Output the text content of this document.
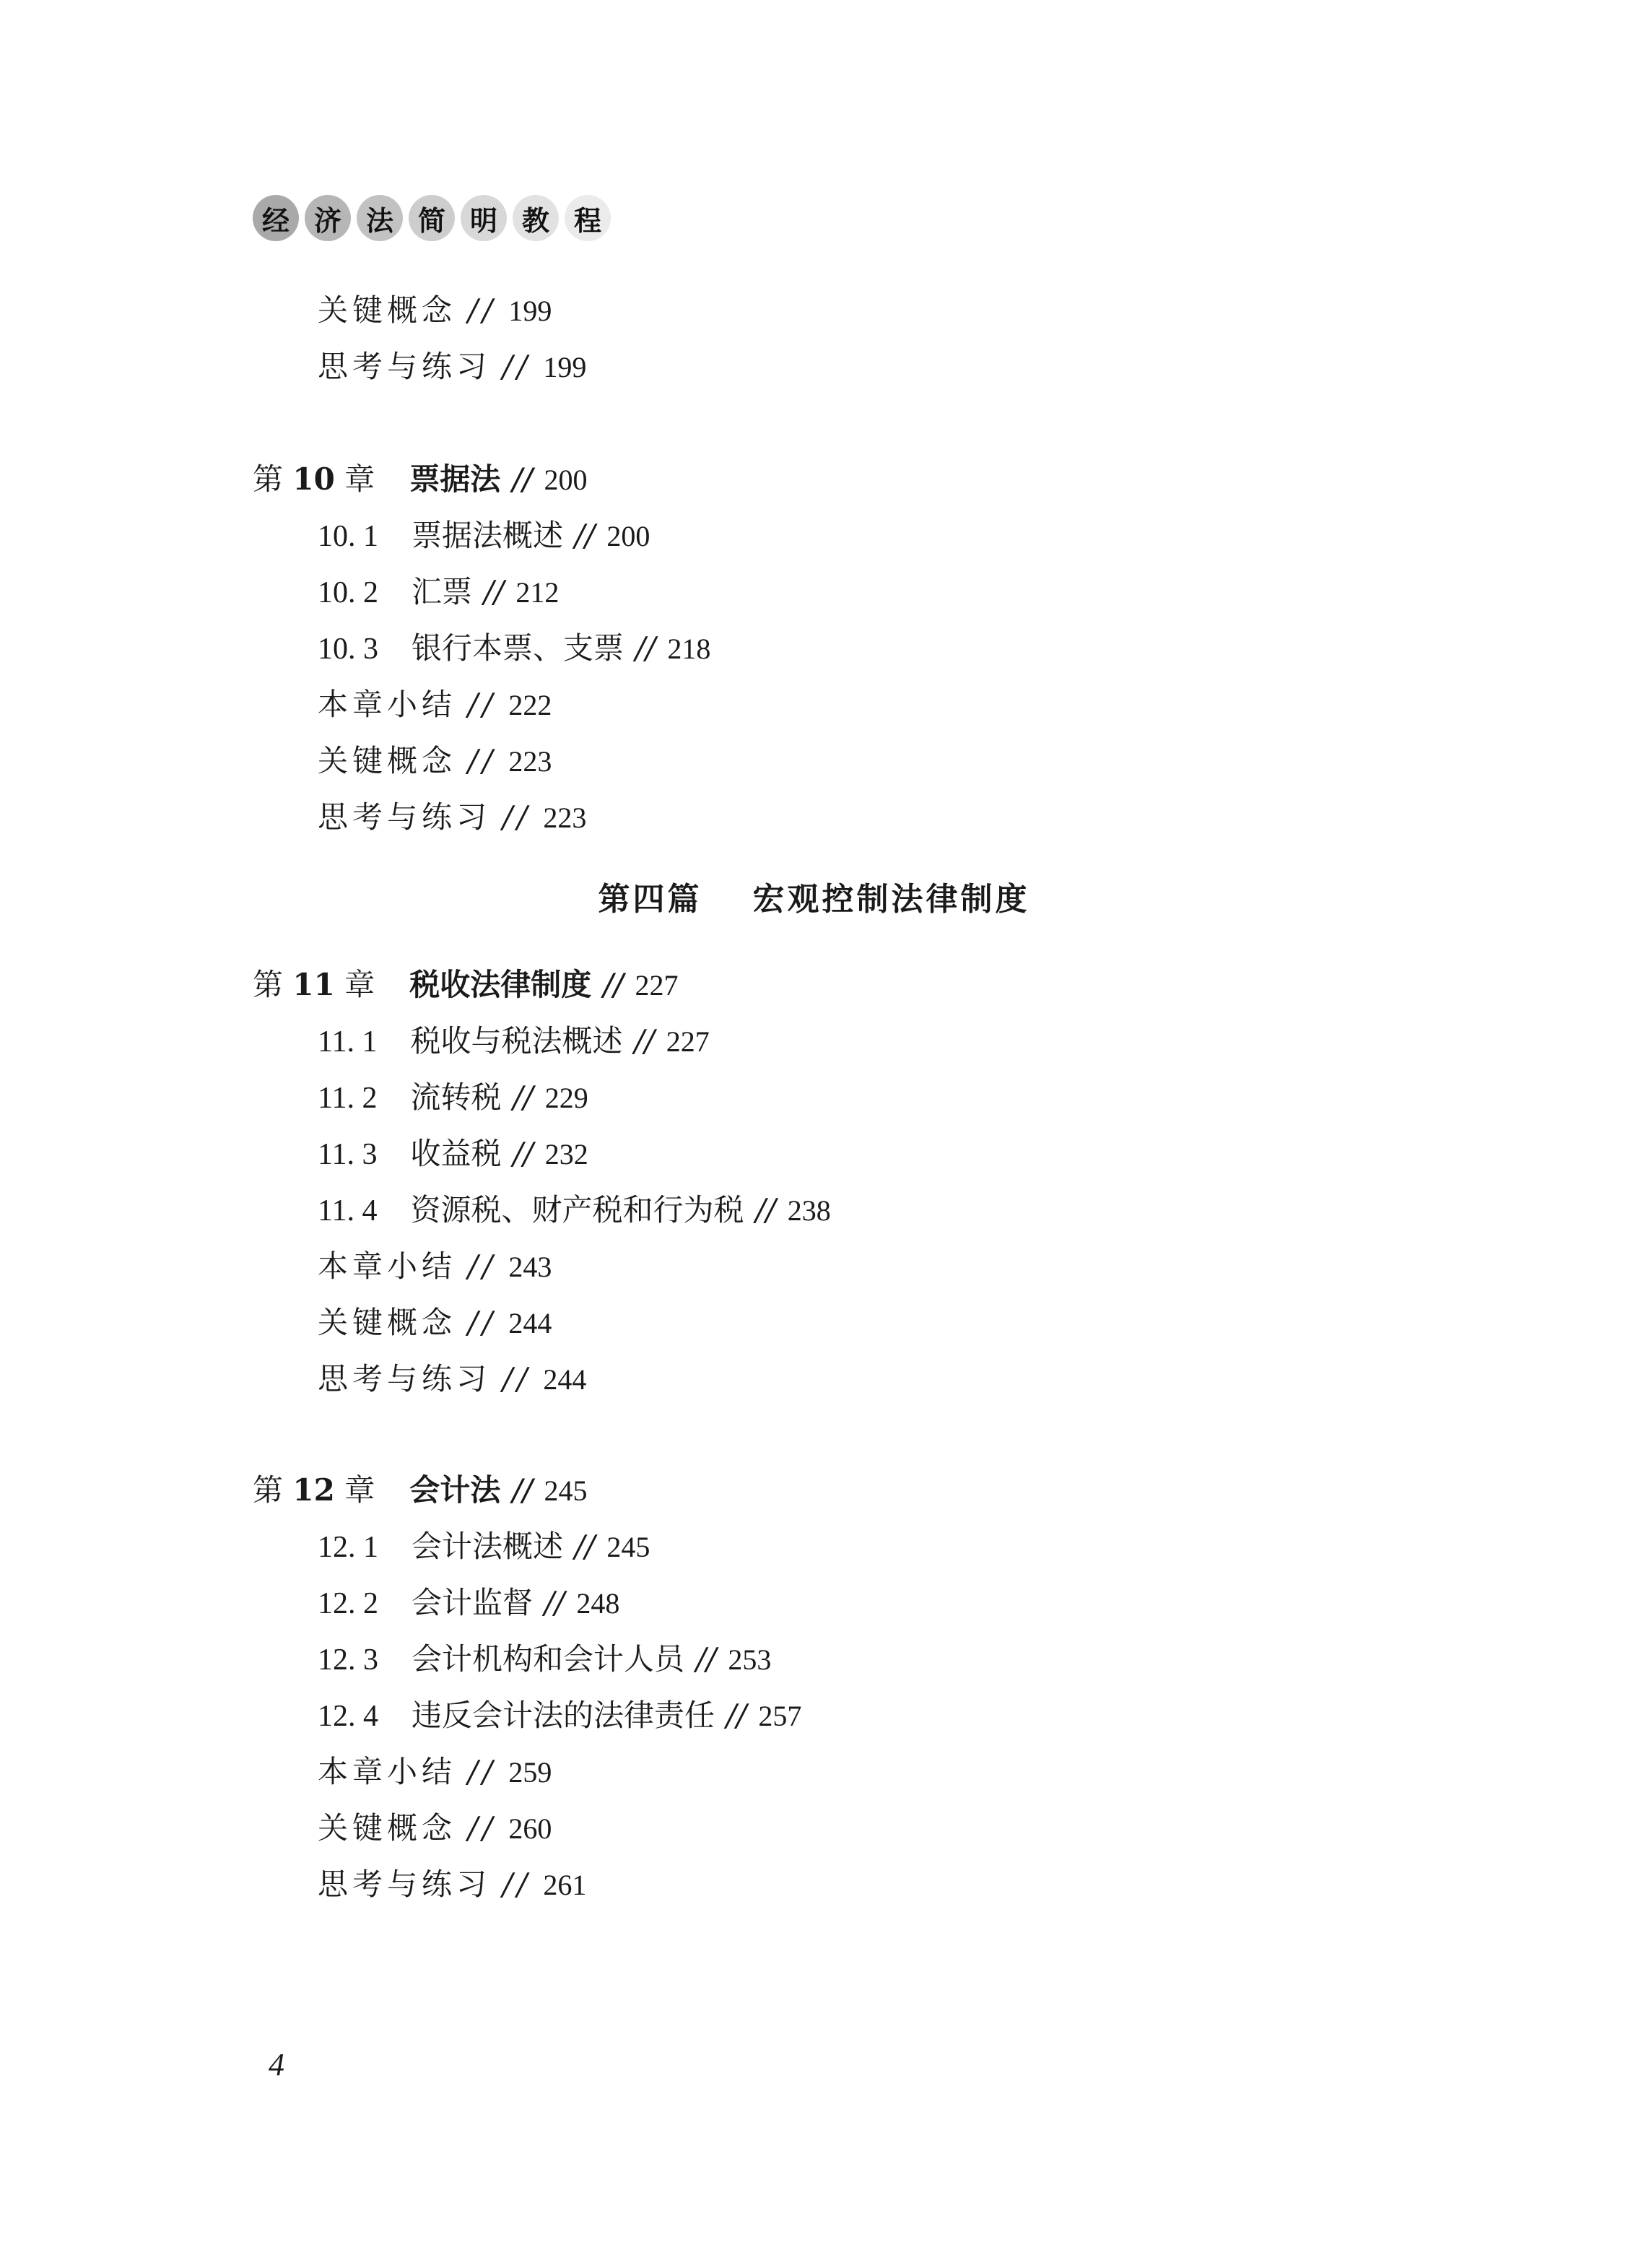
经 济 法 简 明 教 程
关键概念 // 199
思考与练习 // 199
第 10 章 票据法 // 200
10. 1 票据法概述 // 200
10. 2 汇票 // 212
10. 3 银行本票、支票 // 218
本章小结 // 222
关键概念 // 223
思考与练习 // 223
第四篇 宏观控制法律制度
第 11 章 税收法律制度 // 227
11. 1 税收与税法概述 // 227
11. 2 流转税 // 229
11. 3 收益税 // 232
11. 4 资源税、财产税和行为税 // 238
本章小结 // 243
关键概念 // 244
思考与练习 // 244
第 12 章 会计法 // 245
12. 1 会计法概述 // 245
12. 2 会计监督 // 248
12. 3 会计机构和会计人员 // 253
12. 4 违反会计法的法律责任 // 257
本章小结 // 259
关键概念 // 260
思考与练习 // 261
4
